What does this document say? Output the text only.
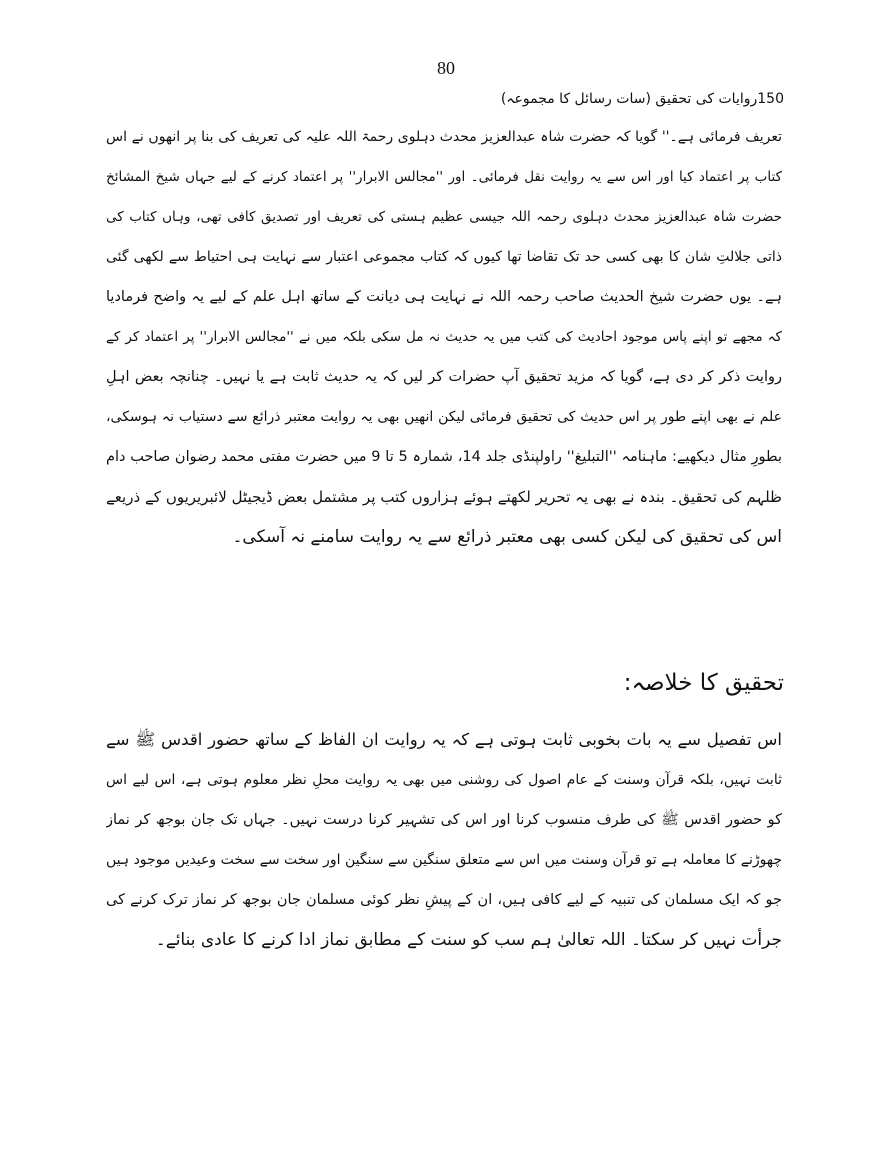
80
150روایات کی تحقیق (سات رسائل کا مجموعہ)
تعریف فرمائی ہے۔'' گویا کہ حضرت شاہ عبدالعزیز محدث دہلوی رحمۃ اللہ علیہ کی تعریف کی بنا پر انھوں نے اس
کتاب پر اعتماد کیا اور اس سے یہ روایت نقل فرمائی۔ اور ''مجالس الابرار'' پر اعتماد کرنے کے لیے جہاں شیخ المشائخ
حضرت شاہ عبدالعزیز محدث دہلوی رحمہ اللہ جیسی عظیم ہستی کی تعریف اور تصدیق کافی تھی، وہاں کتاب کی
ذاتی جلالتِ شان کا بھی کسی حد تک تقاضا تھا کیوں کہ کتاب مجموعی اعتبار سے نہایت ہی احتیاط سے لکھی گئی
ہے۔ یوں حضرت شیخ الحدیث صاحب رحمہ اللہ نے نہایت ہی دیانت کے ساتھ اہل علم کے لیے یہ واضح فرمادیا
کہ مجھے تو اپنے پاس موجود احادیث کی کتب میں یہ حدیث نہ مل سکی بلکہ میں نے ''مجالس الابرار'' پر اعتماد کر کے
روایت ذکر کر دی ہے، گویا کہ مزید تحقیق آپ حضرات کر لیں کہ یہ حدیث ثابت ہے یا نہیں۔ چنانچہ بعض اہلِ
علم نے بھی اپنے طور پر اس حدیث کی تحقیق فرمائی لیکن انھیں بھی یہ روایت معتبر ذرائع سے دستیاب نہ ہوسکی،
بطورِ مثال دیکھیے: ماہنامہ ''التبلیغ'' راولپنڈی جلد 14، شمارہ 5 تا 9 میں حضرت مفتی محمد رضوان صاحب دام
ظلہم کی تحقیق۔ بندہ نے بھی یہ تحریر لکھتے ہوئے ہزاروں کتب پر مشتمل بعض ڈیجیٹل لائبریریوں کے ذریعے
اس کی تحقیق کی لیکن کسی بھی معتبر ذرائع سے یہ روایت سامنے نہ آسکی۔
تحقیق کا خلاصہ:
اس تفصیل سے یہ بات بخوبی ثابت ہوتی ہے کہ یہ روایت ان الفاظ کے ساتھ حضور اقدس ﷺ سے
ثابت نہیں، بلکہ قرآن وسنت کے عام اصول کی روشنی میں بھی یہ روایت محلِ نظر معلوم ہوتی ہے، اس لیے اس
کو حضور اقدس ﷺ کی طرف منسوب کرنا اور اس کی تشہیر کرنا درست نہیں۔ جہاں تک جان بوجھ کر نماز
چھوڑنے کا معاملہ ہے تو قرآن وسنت میں اس سے متعلق سنگین سے سنگین اور سخت سے سخت وعیدیں موجود ہیں
جو کہ ایک مسلمان کی تنبیہ کے لیے کافی ہیں، ان کے پیشِ نظر کوئی مسلمان جان بوجھ کر نماز ترک کرنے کی
جرأت نہیں کر سکتا۔ اللہ تعالیٰ ہم سب کو سنت کے مطابق نماز ادا کرنے کا عادی بنائے۔
